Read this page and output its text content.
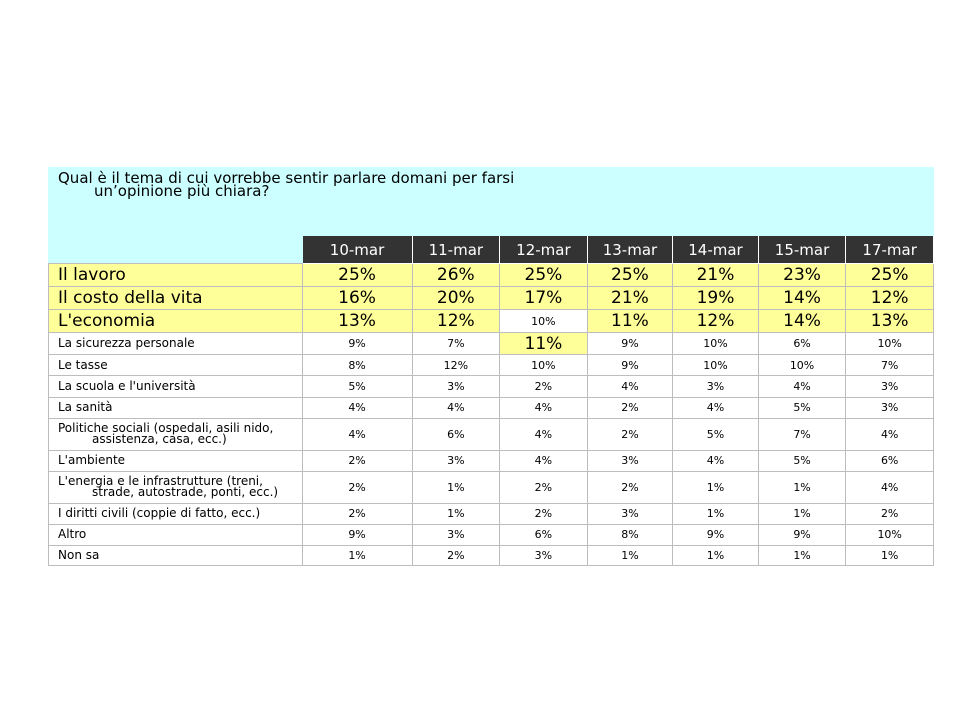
Qual è il tema di cui vorrebbe sentir parlare domani per farsi
un’opinione più chiara?							

	10-mar	11-mar	12-mar	13-mar	14-mar	15-mar	17-mar
Il lavoro	25%	26%	25%	25%	21%	23%	25%
Il costo della vita	16%	20%	17%	21%	19%	14%	12%
L'economia	13%	12%	10%	11%	12%	14%	13%
La sicurezza personale	9%	7%	11%	9%	10%	6%	10%
Le tasse	8%	12%	10%	9%	10%	10%	7%
La scuola e l'università	5%	3%	2%	4%	3%	4%	3%
La sanità	4%	4%	4%	2%	4%	5%	3%

Politiche sociali (ospedali, asili nido,
assistenza, casa, ecc.)	4%	6%	4%	2%	5%	7%	4%
L'ambiente	2%	3%	4%	3%	4%	5%	6%

L'energia e le infrastrutture (treni,
strade, autostrade, ponti, ecc.)	2%	1%	2%	2%	1%	1%	4%
I diritti civili (coppie di fatto, ecc.)	2%	1%	2%	3%	1%	1%	2%
Altro	9%	3%	6%	8%	9%	9%	10%
Non sa	1%	2%	3%	1%	1%	1%	1%
